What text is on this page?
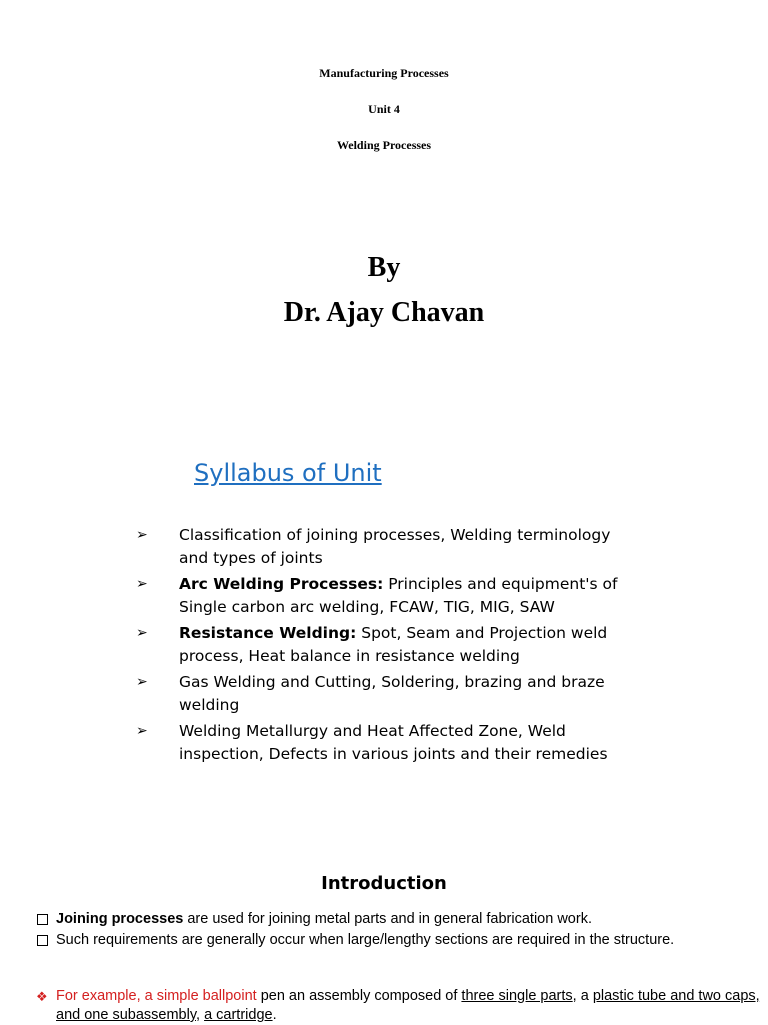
Manufacturing Processes
Unit 4
Welding Processes
By
Dr. Ajay Chavan
Syllabus of Unit
➢ Classification of joining processes, Welding terminology and types of joints
➢ Arc Welding Processes: Principles and equipment's of Single carbon arc welding, FCAW, TIG, MIG, SAW
➢ Resistance Welding: Spot, Seam and Projection weld process, Heat balance in resistance welding
➢ Gas Welding and Cutting, Soldering, brazing and braze welding
➢ Welding Metallurgy and Heat Affected Zone, Weld inspection, Defects in various joints and their remedies
Introduction
Joining processes are used for joining metal parts and in general fabrication work.
Such requirements are generally occur when large/lengthy sections are required in the structure.
❖ For example, a simple ballpoint pen an assembly composed of three single parts, a plastic tube and two caps, and one subassembly, a cartridge.
